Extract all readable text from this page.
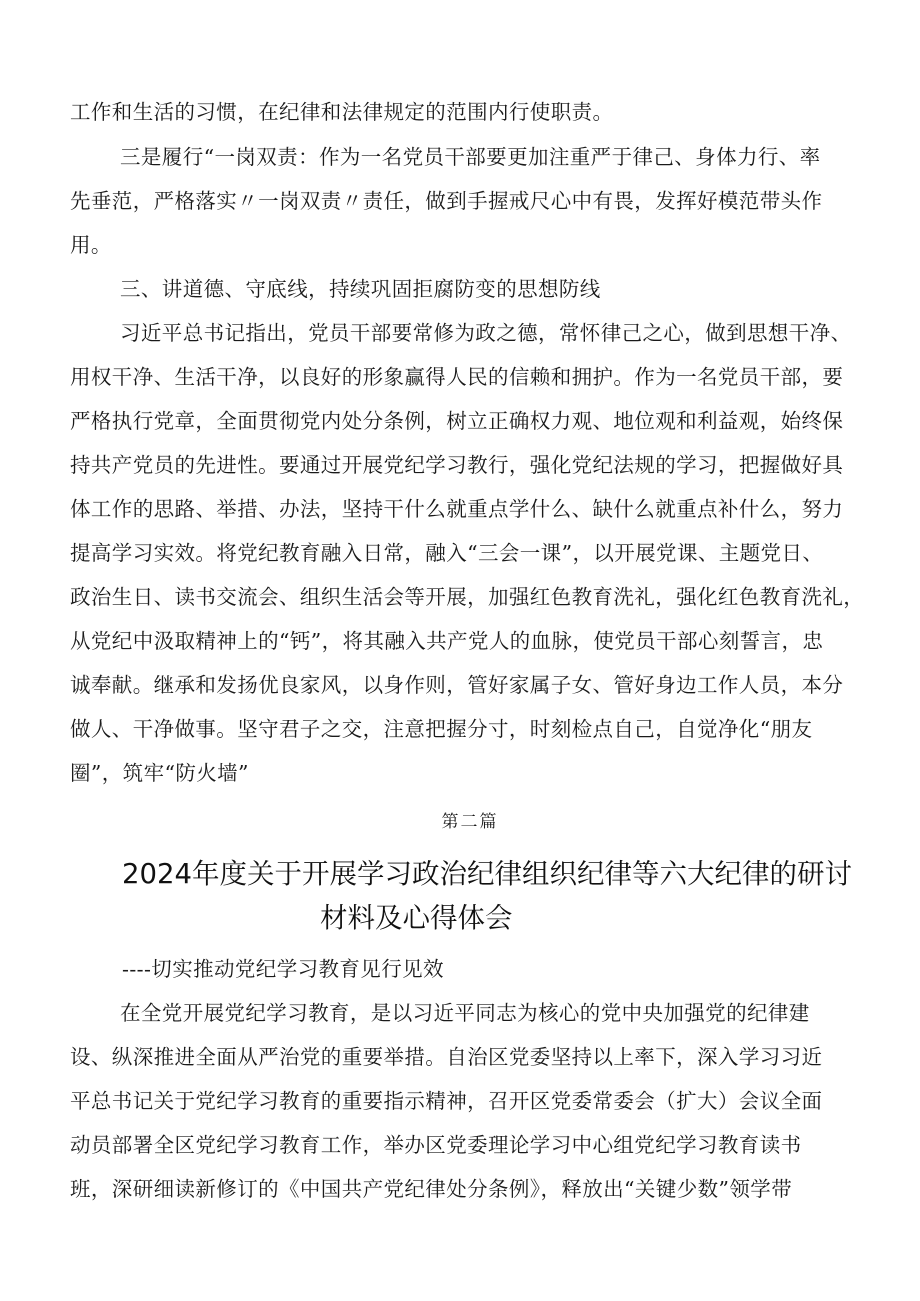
工作和生活的习惯，在纪律和法律规定的范围内行使职责。
三是履行“一岗双责：作为一名党员干部要更加注重严于律己、身体力行、率
先垂范，严格落实〃一岗双责〃责任，做到手握戒尺心中有畏，发挥好模范带头作
用。
三、讲道德、守底线，持续巩固拒腐防变的思想防线
习近平总书记指出，党员干部要常修为政之德，常怀律己之心，做到思想干净、
用权干净、生活干净，以良好的形象赢得人民的信赖和拥护。作为一名党员干部，要
严格执行党章，全面贯彻党内处分条例，树立正确权力观、地位观和利益观，始终保
持共产党员的先进性。要通过开展党纪学习教行，强化党纪法规的学习，把握做好具
体工作的思路、举措、办法，坚持干什么就重点学什么、缺什么就重点补什么，努力
提高学习实效。将党纪教育融入日常，融入“三会一课”，以开展党课、主题党日、
政治生日、读书交流会、组织生活会等开展，加强红色教育洗礼，强化红色教育洗礼，
从党纪中汲取精神上的“钙”，将其融入共产党人的血脉，使党员干部心刻誓言，忠
诚奉献。继承和发扬优良家风，以身作则，管好家属子女、管好身边工作人员，本分
做人、干净做事。坚守君子之交，注意把握分寸，时刻检点自己，自觉净化“朋友
圈”，筑牢“防火墙”
第二篇
2024年度关于开展学习政治纪律组织纪律等六大纪律的研讨
材料及心得体会
----切实推动党纪学习教育见行见效
在全党开展党纪学习教育，是以习近平同志为核心的党中央加强党的纪律建
设、纵深推进全面从严治党的重要举措。自治区党委坚持以上率下，深入学习习近
平总书记关于党纪学习教育的重要指示精神，召开区党委常委会（扩大）会议全面
动员部署全区党纪学习教育工作，举办区党委理论学习中心组党纪学习教育读书
班，深研细读新修订的《中国共产党纪律处分条例》，释放出“关键少数”领学带
